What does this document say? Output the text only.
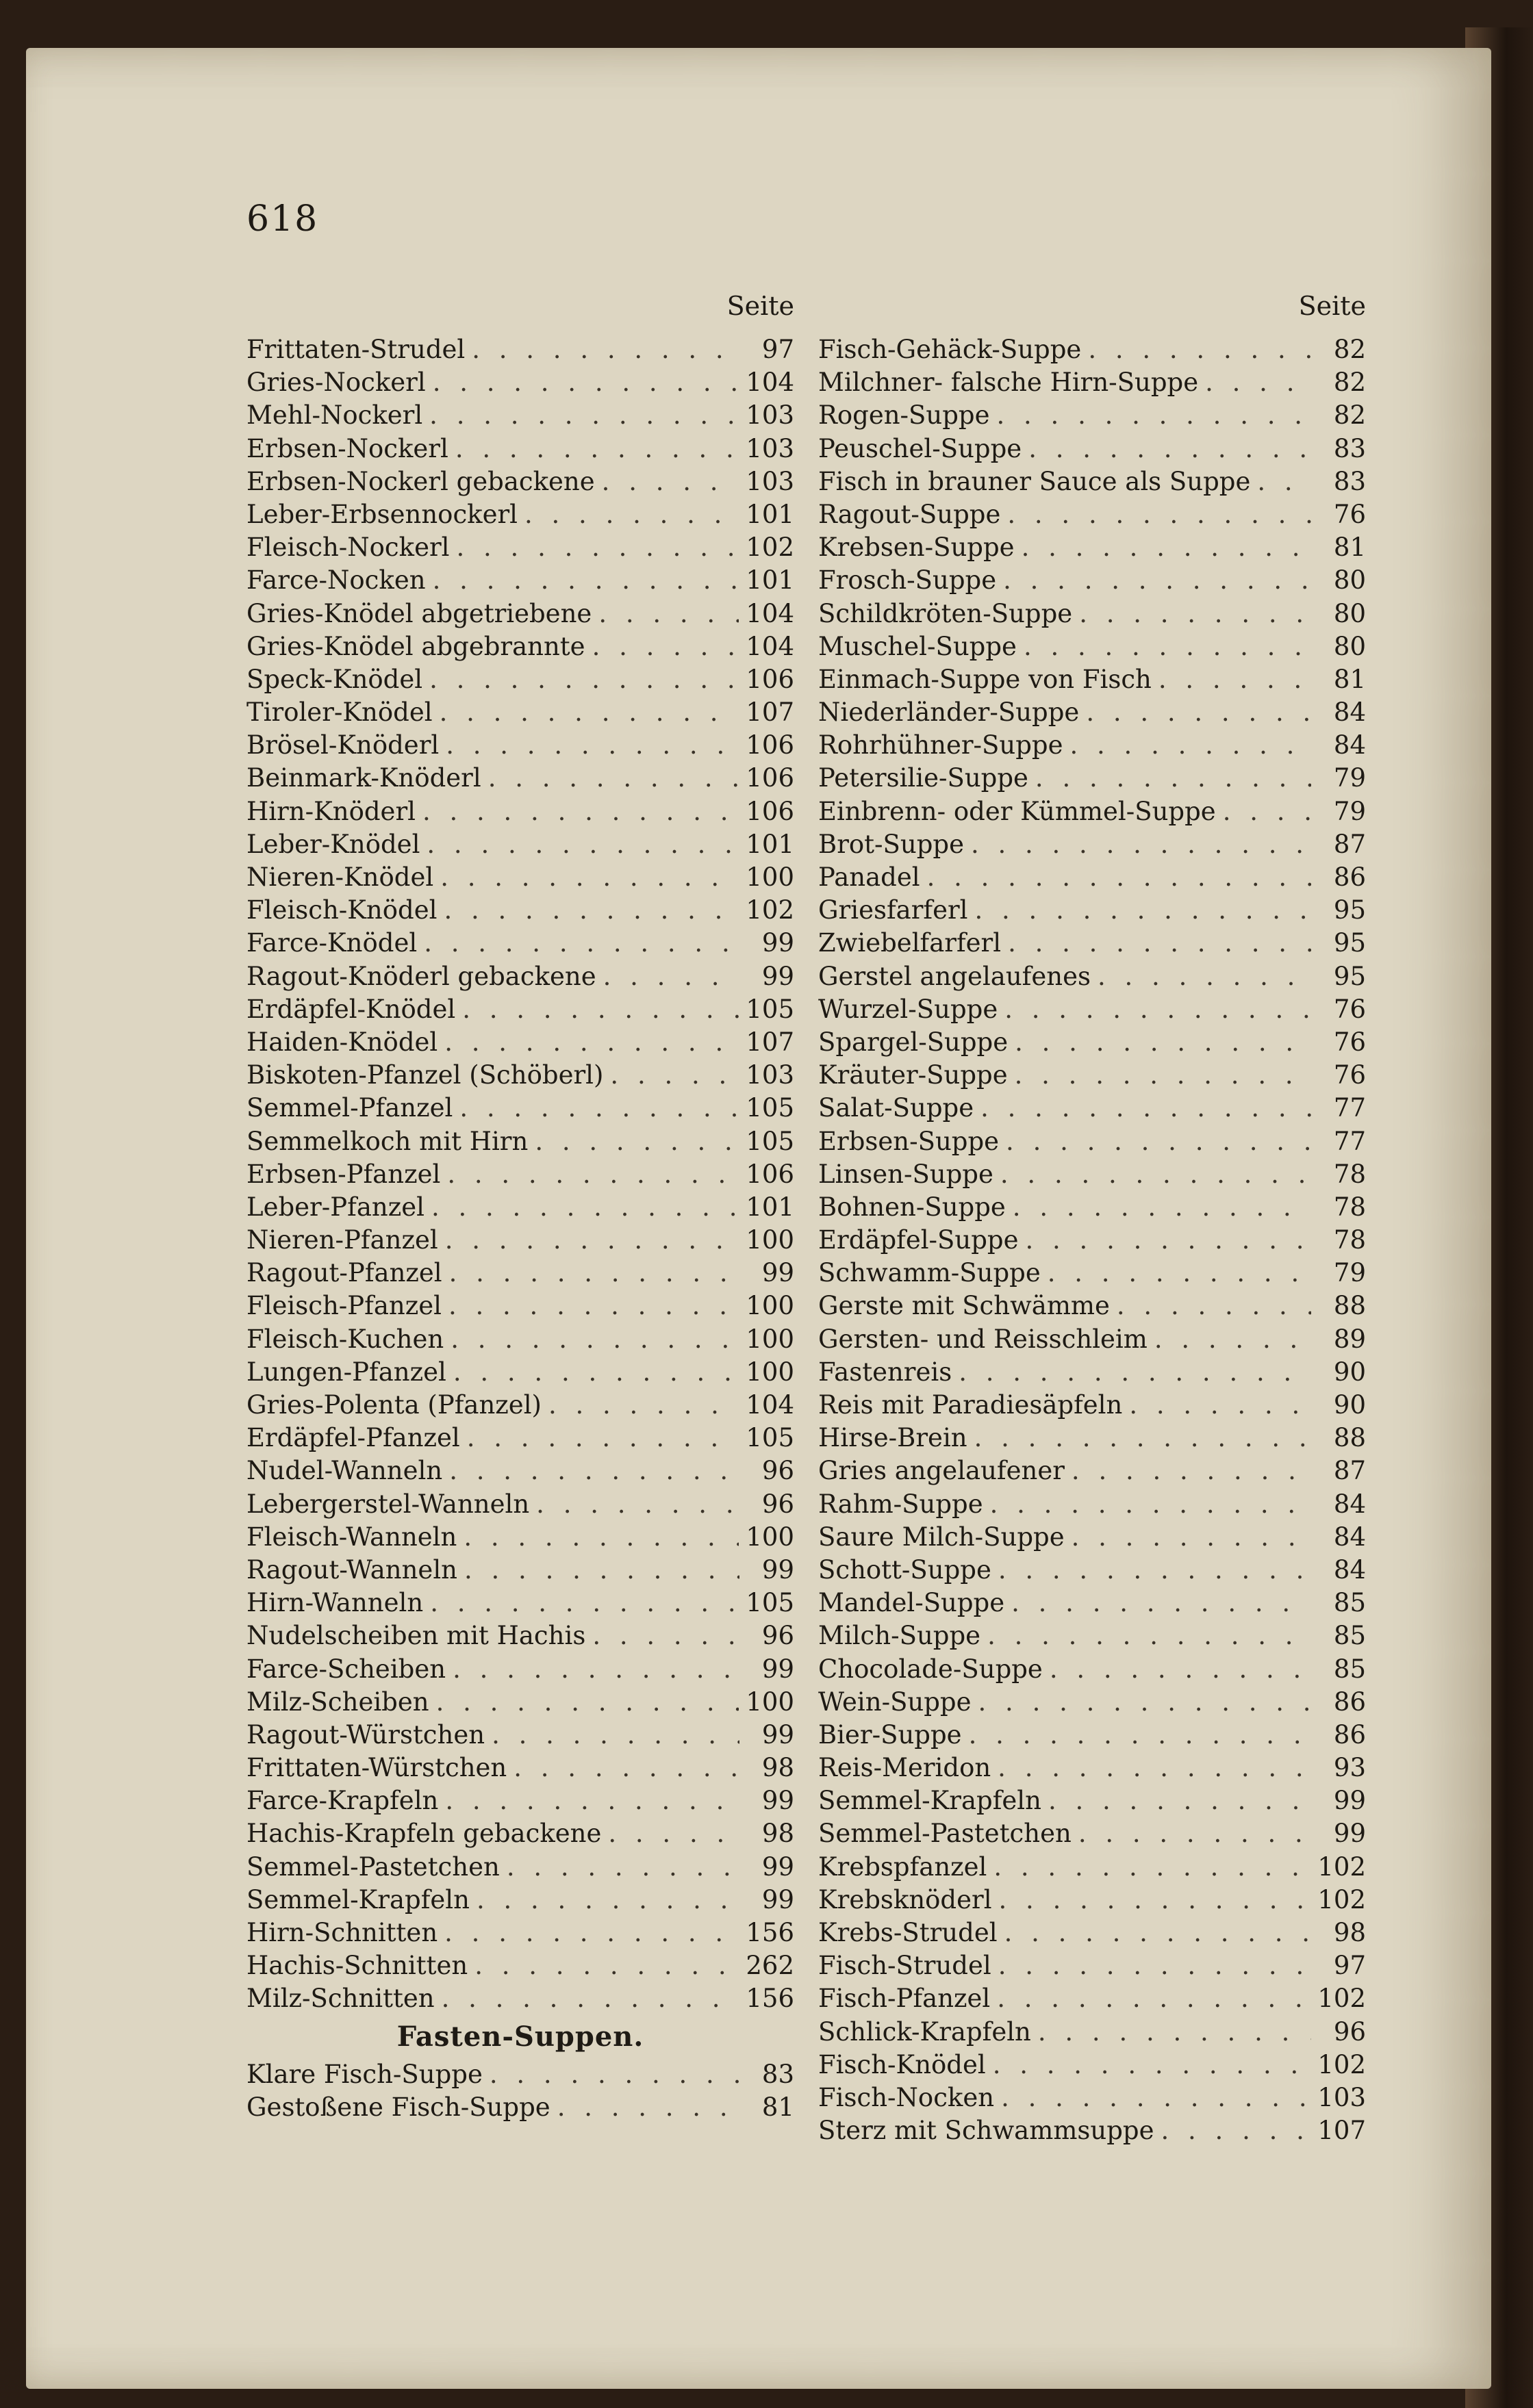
618
Seite
Frittaten-Strudel . . .	97
Gries-Nockerl . . .	104
Mehl-Nockerl . . .	103
Erbsen-Nockerl . . .	103
Erbsen-Nockerl gebackene . . .	103
Leber-Erbsennockerl . . .	101
Fleisch-Nockerl . . .	102
Farce-Nocken . . .	101
Gries-Knödel abgetriebene . . .	104
Gries-Knödel abgebrannte . . .	104
Speck-Knödel . . .	106
Tiroler-Knödel . . .	107
Brösel-Knöderl . . .	106
Beinmark-Knöderl . . .	106
Hirn-Knöderl . . .	106
Leber-Knödel . . .	101
Nieren-Knödel . . .	100
Fleisch-Knödel . . .	102
Farce-Knödel . . .	99
Ragout-Knöderl gebackene . . .	99
Erdäpfel-Knödel . . .	105
Haiden-Knödel . . .	107
Biskoten-Pfanzel (Schöberl) . . .	103
Semmel-Pfanzel . . .	105
Semmelkoch mit Hirn . . .	105
Erbsen-Pfanzel . . .	106
Leber-Pfanzel . . .	101
Nieren-Pfanzel . . .	100
Ragout-Pfanzel . . .	99
Fleisch-Pfanzel . . .	100
Fleisch-Kuchen . . .	100
Lungen-Pfanzel . . .	100
Gries-Polenta (Pfanzel) . . .	104
Erdäpfel-Pfanzel . . .	105
Nudel-Wanneln . . .	96
Lebergerstel-Wanneln . . .	96
Fleisch-Wanneln . . .	100
Ragout-Wanneln . . .	99
Hirn-Wanneln . . .	105
Nudelscheiben mit Hachis . . .	96
Farce-Scheiben . . .	99
Milz-Scheiben . . .	100
Ragout-Würstchen . . .	99
Frittaten-Würstchen . . .	98
Farce-Krapfeln . . .	99
Hachis-Krapfeln gebackene . . .	98
Semmel-Pastetchen . . .	99
Semmel-Krapfeln . . .	99
Hirn-Schnitten . . .	156
Hachis-Schnitten . . .	262
Milz-Schnitten . . .	156
Fasten-Suppen.
Klare Fisch-Suppe . . .	83
Gestoßene Fisch-Suppe . . .	81
Seite
Fisch-Gehäck-Suppe . . .	82
Milchner- falsche Hirn-Suppe . . .	82
Rogen-Suppe . . .	82
Peuschel-Suppe . . .	83
Fisch in brauner Sauce als Suppe . . .	83
Ragout-Suppe . . .	76
Krebsen-Suppe . . .	81
Frosch-Suppe . . .	80
Schildkröten-Suppe . . .	80
Muschel-Suppe . . .	80
Einmach-Suppe von Fisch . . .	81
Niederländer-Suppe . . .	84
Rohrhühner-Suppe . . .	84
Petersilie-Suppe . . .	79
Einbrenn- oder Kümmel-Suppe . . .	79
Brot-Suppe . . .	87
Panadel . . .	86
Griesfarferl . . .	95
Zwiebelfarferl . . .	95
Gerstel angelaufenes . . .	95
Wurzel-Suppe . . .	76
Spargel-Suppe . . .	76
Kräuter-Suppe . . .	76
Salat-Suppe . . .	77
Erbsen-Suppe . . .	77
Linsen-Suppe . . .	78
Bohnen-Suppe . . .	78
Erdäpfel-Suppe . . .	78
Schwamm-Suppe . . .	79
Gerste mit Schwämme . . .	88
Gersten- und Reisschleim . . .	89
Fastenreis . . .	90
Reis mit Paradiesäpfeln . . .	90
Hirse-Brein . . .	88
Gries angelaufener . . .	87
Rahm-Suppe . . .	84
Saure Milch-Suppe . . .	84
Schott-Suppe . . .	84
Mandel-Suppe . . .	85
Milch-Suppe . . .	85
Chocolade-Suppe . . .	85
Wein-Suppe . . .	86
Bier-Suppe . . .	86
Reis-Meridon . . .	93
Semmel-Krapfeln . . .	99
Semmel-Pastetchen . . .	99
Krebspfanzel . . .	102
Krebsknöderl . . .	102
Krebs-Strudel . . .	98
Fisch-Strudel . . .	97
Fisch-Pfanzel . . .	102
Schlick-Krapfeln . . .	96
Fisch-Knödel . . .	102
Fisch-Nocken . . .	103
Sterz mit Schwammsuppe . . .	107
